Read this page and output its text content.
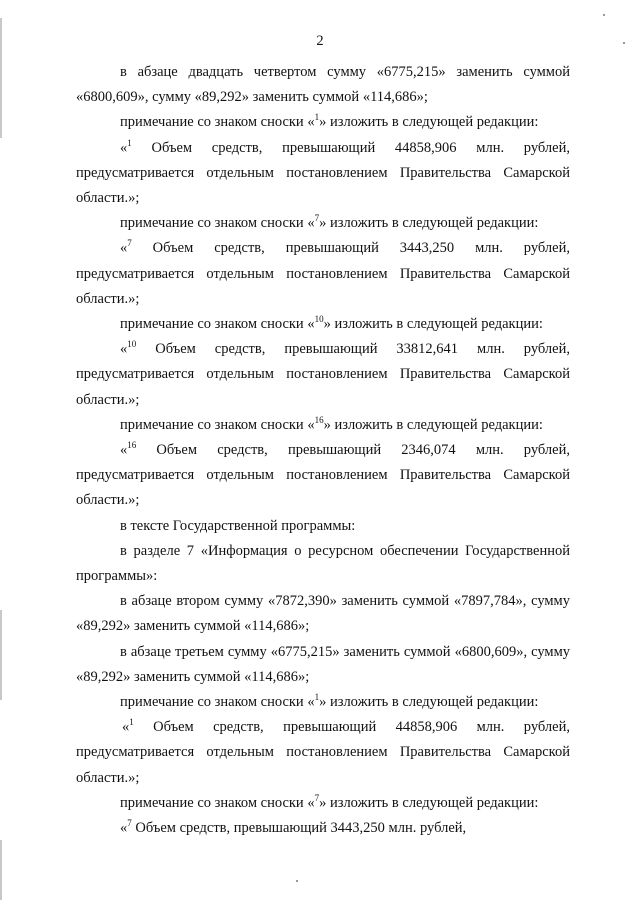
2

в абзаце двадцать четвертом сумму «6775,215» заменить суммой «6800,609», сумму «89,292» заменить суммой «114,686»;

примечание со знаком сноски «$^1$» изложить в следующей редакции:

«$^1$ Объем средств, превышающий 44858,906 млн. рублей, предусматривается отдельным постановлением Правительства Самарской области.»;

примечание со знаком сноски «$^7$» изложить в следующей редакции:

«$^7$ Объем средств, превышающий 3443,250 млн. рублей, предусматривается отдельным постановлением Правительства Самарской области.»;

примечание со знаком сноски «$^{10}$» изложить в следующей редакции:

«$^{10}$ Объем средств, превышающий 33812,641 млн. рублей, предусматривается отдельным постановлением Правительства Самарской области.»;

примечание со знаком сноски «$^{16}$» изложить в следующей редакции:

«$^{16}$ Объем средств, превышающий 2346,074 млн. рублей, предусматривается отдельным постановлением Правительства Самарской области.»;

в тексте Государственной программы:

в разделе 7 «Информация о ресурсном обеспечении Государственной программы»:

в абзаце втором сумму «7872,390» заменить суммой «7897,784», сумму «89,292» заменить суммой «114,686»;

в абзаце третьем сумму «6775,215» заменить суммой «6800,609», сумму «89,292» заменить суммой «114,686»;

примечание со знаком сноски «$^1$» изложить в следующей редакции:

«$^1$ Объем средств, превышающий 44858,906 млн. рублей, предусматривается отдельным постановлением Правительства Самарской области.»;

примечание со знаком сноски «$^7$» изложить в следующей редакции:

«$^7$ Объем средств, превышающий 3443,250 млн. рублей,
